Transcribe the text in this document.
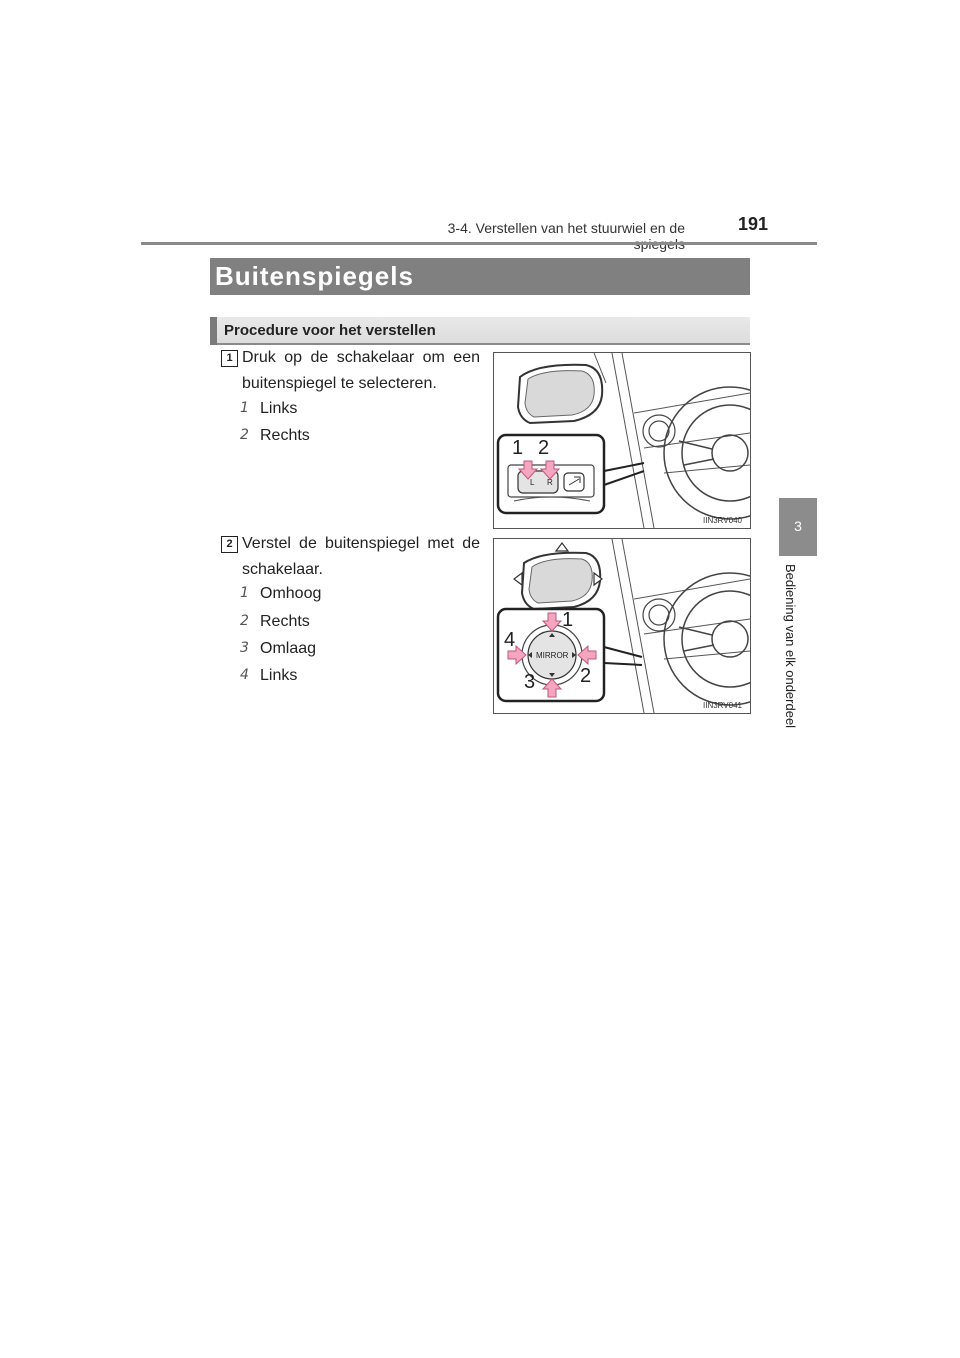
3-4. Verstellen van het stuurwiel en de	191
3
Bediening van elk onderdeel
Buitenspiegels
Procedure voor het verstellen
1 Druk op de schakelaar om een
buitenspiegel te selecteren.
1 Links
2 Rechts
L R
1 2
IIN3RV040
2 Verstel de buitenspiegel met de
schakelaar.
1 Omhoog
2 Rechts
3 Omlaag
4 Links
MIRROR
1
2
3
4
IIN3RV041
